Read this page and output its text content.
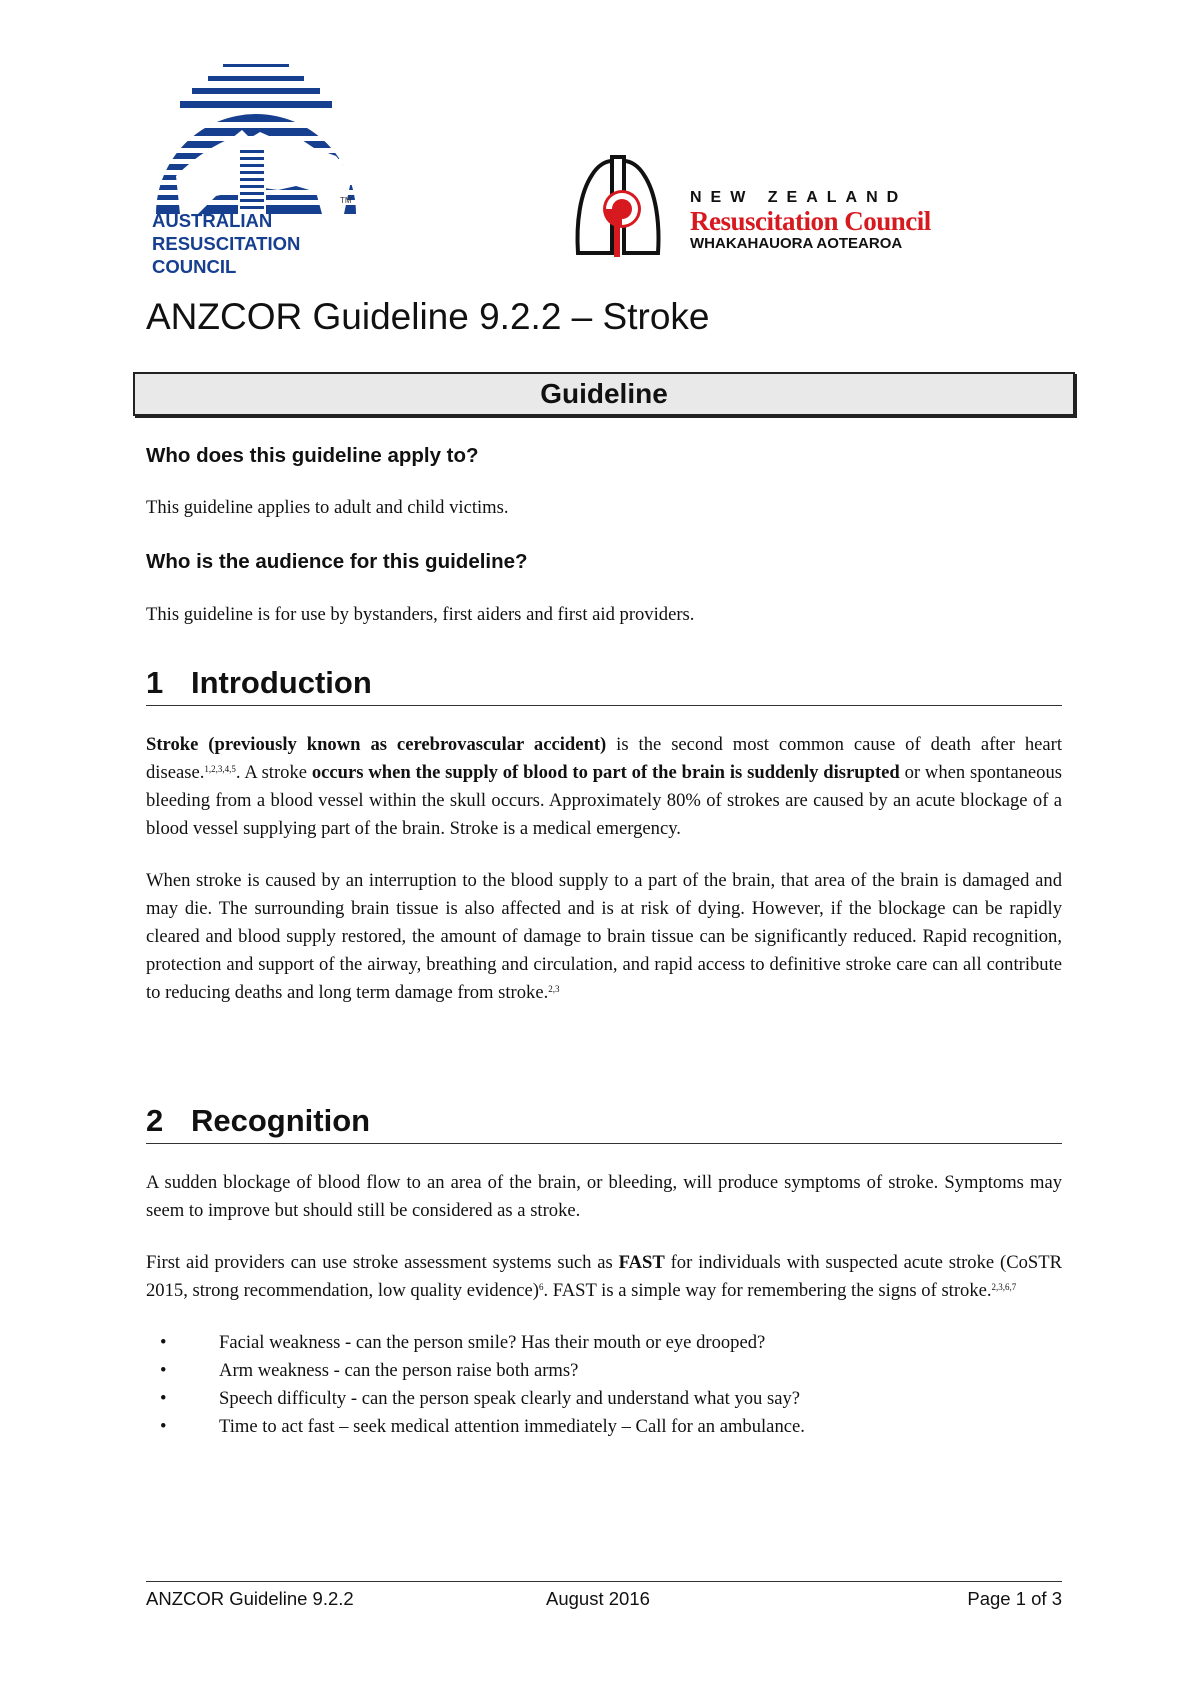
TM
AUSTRALIAN
RESUSCITATION
COUNCIL
NEW ZEALAND
Resuscitation Council
WHAKAHAUORA AOTEAROA
ANZCOR Guideline 9.2.2 – Stroke
Guideline

Who does this guideline apply to?

This guideline applies to adult and child victims.

Who is the audience for this guideline?

This guideline is for use by bystanders, first aiders and first aid providers.

1 Introduction

Stroke (previously known as cerebrovascular accident) is the second most common cause of death after heart disease.$^{1,2,3,4,5}$. A stroke occurs when the supply of blood to part of the brain is suddenly disrupted or when spontaneous bleeding from a blood vessel within the skull occurs. Approximately 80% of strokes are caused by an acute blockage of a blood vessel supplying part of the brain. Stroke is a medical emergency.

When stroke is caused by an interruption to the blood supply to a part of the brain, that area of the brain is damaged and may die. The surrounding brain tissue is also affected and is at risk of dying. However, if the blockage can be rapidly cleared and blood supply restored, the amount of damage to brain tissue can be significantly reduced. Rapid recognition, protection and support of the airway, breathing and circulation, and rapid access to definitive stroke care can all contribute to reducing deaths and long term damage from stroke.$^{2,3}$

2 Recognition

A sudden blockage of blood flow to an area of the brain, or bleeding, will produce symptoms of stroke. Symptoms may seem to improve but should still be considered as a stroke.

First aid providers can use stroke assessment systems such as FAST for individuals with suspected acute stroke (CoSTR 2015, strong recommendation, low quality evidence)$^6$. FAST is a simple way for remembering the signs of stroke.$^{2,3,6,7}$

•	Facial weakness - can the person smile? Has their mouth or eye drooped?
•	Arm weakness - can the person raise both arms?
•	Speech difficulty - can the person speak clearly and understand what you say?
•	Time to act fast – seek medical attention immediately – Call for an ambulance.
ANZCOR Guideline 9.2.2	August 2016	Page 1 of 3
